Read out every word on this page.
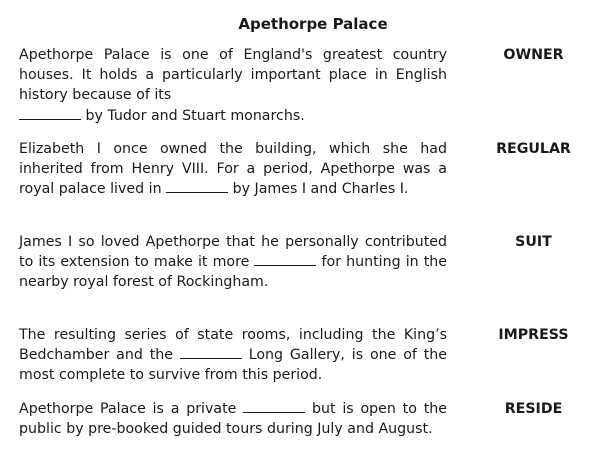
Apethorpe Palace

Apethorpe Palace is one of England's greatest country houses. It holds a particularly important place in English history because of its
by Tudor and Stuart monarchs.

OWNER

Elizabeth I once owned the building, which she had inherited from Henry VIII. For a period, Apethorpe was a royal palace lived in	by James I and Charles I.

REGULAR

James I so loved Apethorpe that he personally contributed to its extension to make it more	for hunting in the nearby royal forest of Rockingham.

SUIT

The resulting series of state rooms, including the King’s Bedchamber and the	Long Gallery, is one of the most complete to survive from this period.

IMPRESS

Apethorpe Palace is a private	but is open to the public by pre-booked guided tours during July and August.

RESIDE
